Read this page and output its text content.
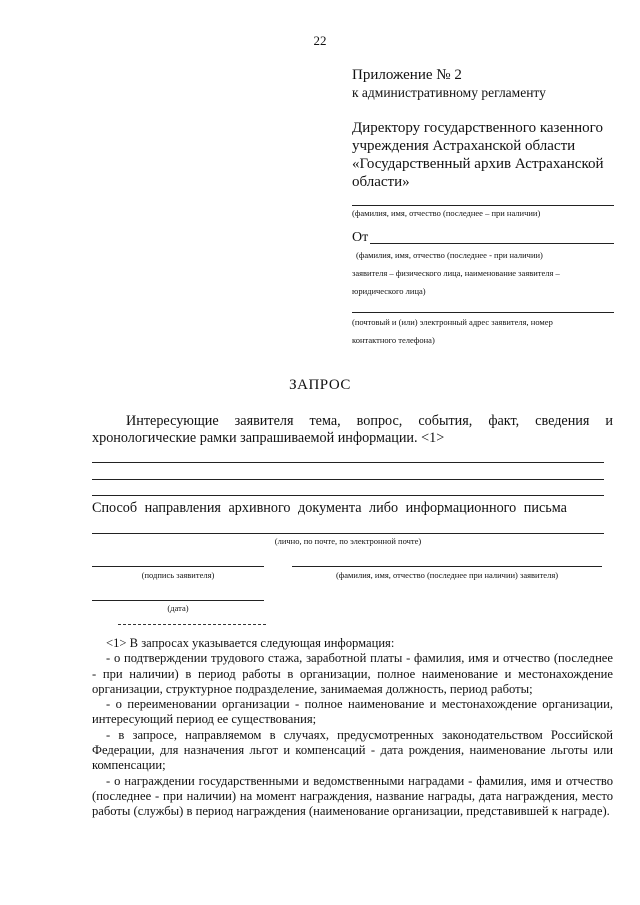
22
Приложение № 2
к административному регламенту
Директору государственного казенного
учреждения Астраханской области
«Государственный архив Астраханской
области»
(фамилия, имя, отчество (последнее – при наличии)
От
(фамилия, имя, отчество (последнее - при наличии)
заявителя – физического лица, наименование заявителя –
юридического лица)
(почтовый и (или) электронный адрес заявителя, номер
контактного телефона)
ЗАПРОС
Интересующие заявителя тема, вопрос, события, факт, сведения и
хронологические рамки запрашиваемой информации. <1>
Способ направления архивного документа либо информационного письма
(лично, по почте, по электронной почте)
(подпись заявителя)	(фамилия, имя, отчество (последнее при наличии) заявителя)
(дата)

<1> В запросах указывается следующая информация:

- о подтверждении трудового стажа, заработной платы - фамилия, имя и отчество (последнее - при наличии) в период работы в организации, полное наименование и местонахождение организации, структурное подразделение, занимаемая должность, период работы;

- о переименовании организации - полное наименование и местонахождение организации, интересующий период ее существования;

- в запросе, направляемом в случаях, предусмотренных законодательством Российской Федерации, для назначения льгот и компенсаций - дата рождения, наименование льготы или компенсации;

- о награждении государственными и ведомственными наградами - фамилия, имя и отчество (последнее - при наличии) на момент награждения, название награды, дата награждения, место работы (службы) в период награждения (наименование организации, представившей к награде).
